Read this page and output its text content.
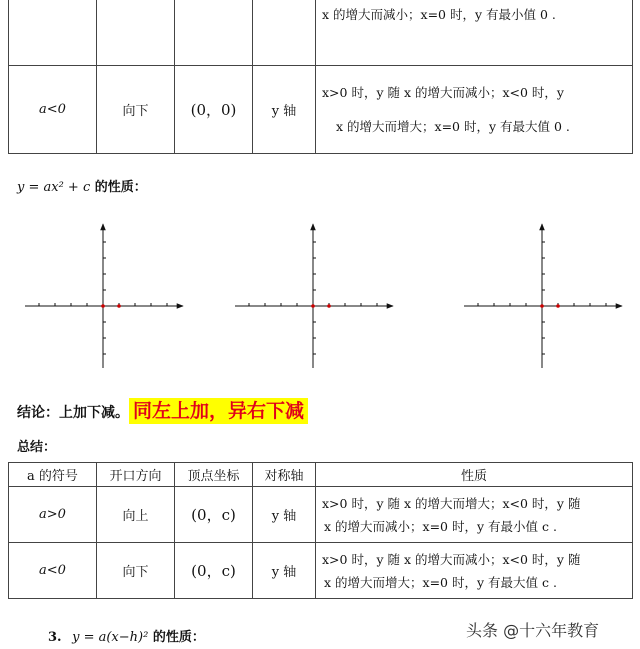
				x 的增大而减小；x=0 时，y 有最小值 0 .
a<0	向下	(0，0)	y 轴	x>0 时，y 随 x 的增大而减小；x<0 时，y
x 的增大而增大；x=0 时，y 有最大值 0 .
y = ax² + c 的性质：
结论：上加下减。 同左上加，异右下减
总结：
a 的符号	开口方向	顶点坐标	对称轴	性质
a>0	向上	(0，c)	y 轴	x>0 时，y 随 x 的增大而增大；x<0 时，y 随
x 的增大而减小；x=0 时，y 有最小值 c .

a<0	向下	(0，c)	y 轴	x>0 时，y 随 x 的增大而减小；x<0 时，y 随
x 的增大而增大；x=0 时，y 有最大值 c .
3. y = a(x−h)² 的性质：	头条 @十六年教育
